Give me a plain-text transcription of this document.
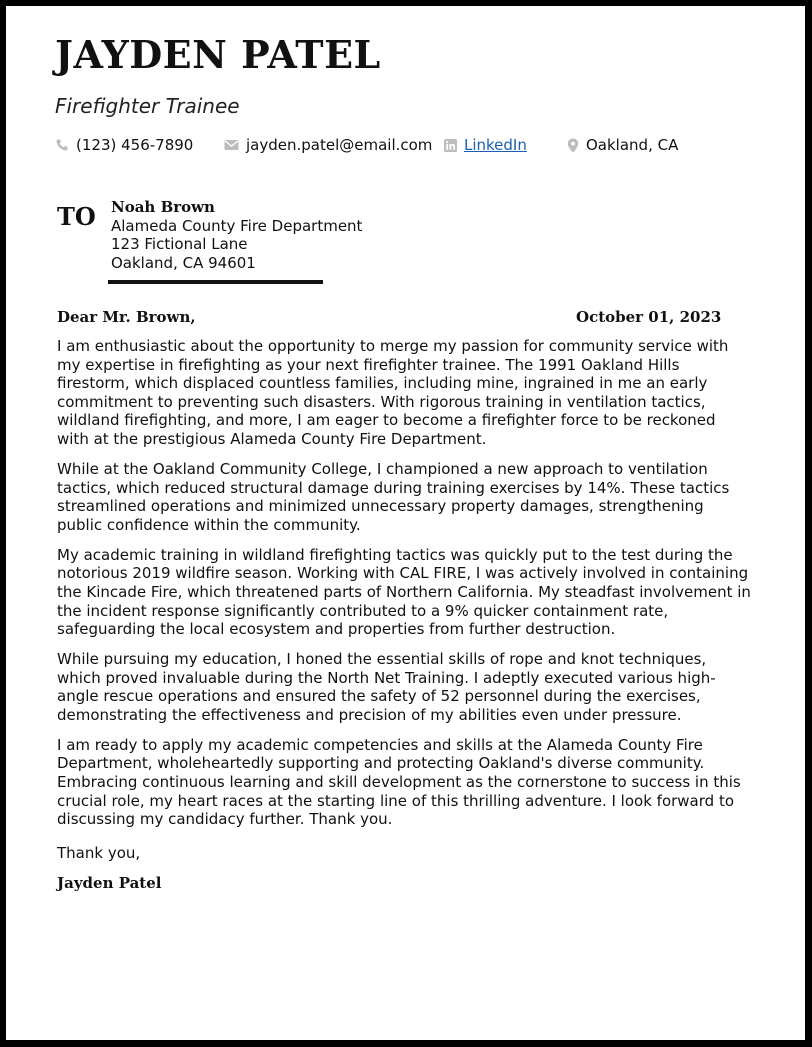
JAYDEN PATEL
Firefighter Trainee
(123) 456-7890	jayden.patel@email.com LinkedIn	Oakland, CA
TO Noah Brown
Alameda County Fire Department
123 Fictional Lane
Oakland, CA 94601
Dear Mr. Brown,	October 01, 2023

I am enthusiastic about the opportunity to merge my passion for community service with my expertise in firefighting as your next firefighter trainee. The 1991 Oakland Hills firestorm, which displaced countless families, including mine, ingrained in me an early commitment to preventing such disasters. With rigorous training in ventilation tactics, wildland firefighting, and more, I am eager to become a firefighter force to be reckoned with at the prestigious Alameda County Fire Department.

While at the Oakland Community College, I championed a new approach to ventilation tactics, which reduced structural damage during training exercises by 14%. These tactics streamlined operations and minimized unnecessary property damages, strengthening public confidence within the community.

My academic training in wildland firefighting tactics was quickly put to the test during the notorious 2019 wildfire season. Working with CAL FIRE, I was actively involved in containing the Kincade Fire, which threatened parts of Northern California. My steadfast involvement in the incident response significantly contributed to a 9% quicker containment rate, safeguarding the local ecosystem and properties from further destruction.

While pursuing my education, I honed the essential skills of rope and knot techniques, which proved invaluable during the North Net Training. I adeptly executed various high-angle rescue operations and ensured the safety of 52 personnel during the exercises, demonstrating the effectiveness and precision of my abilities even under pressure.

I am ready to apply my academic competencies and skills at the Alameda County Fire Department, wholeheartedly supporting and protecting Oakland's diverse community. Embracing continuous learning and skill development as the cornerstone to success in this crucial role, my heart races at the starting line of this thrilling adventure. I look forward to discussing my candidacy further. Thank you.

Thank you,
Jayden Patel
